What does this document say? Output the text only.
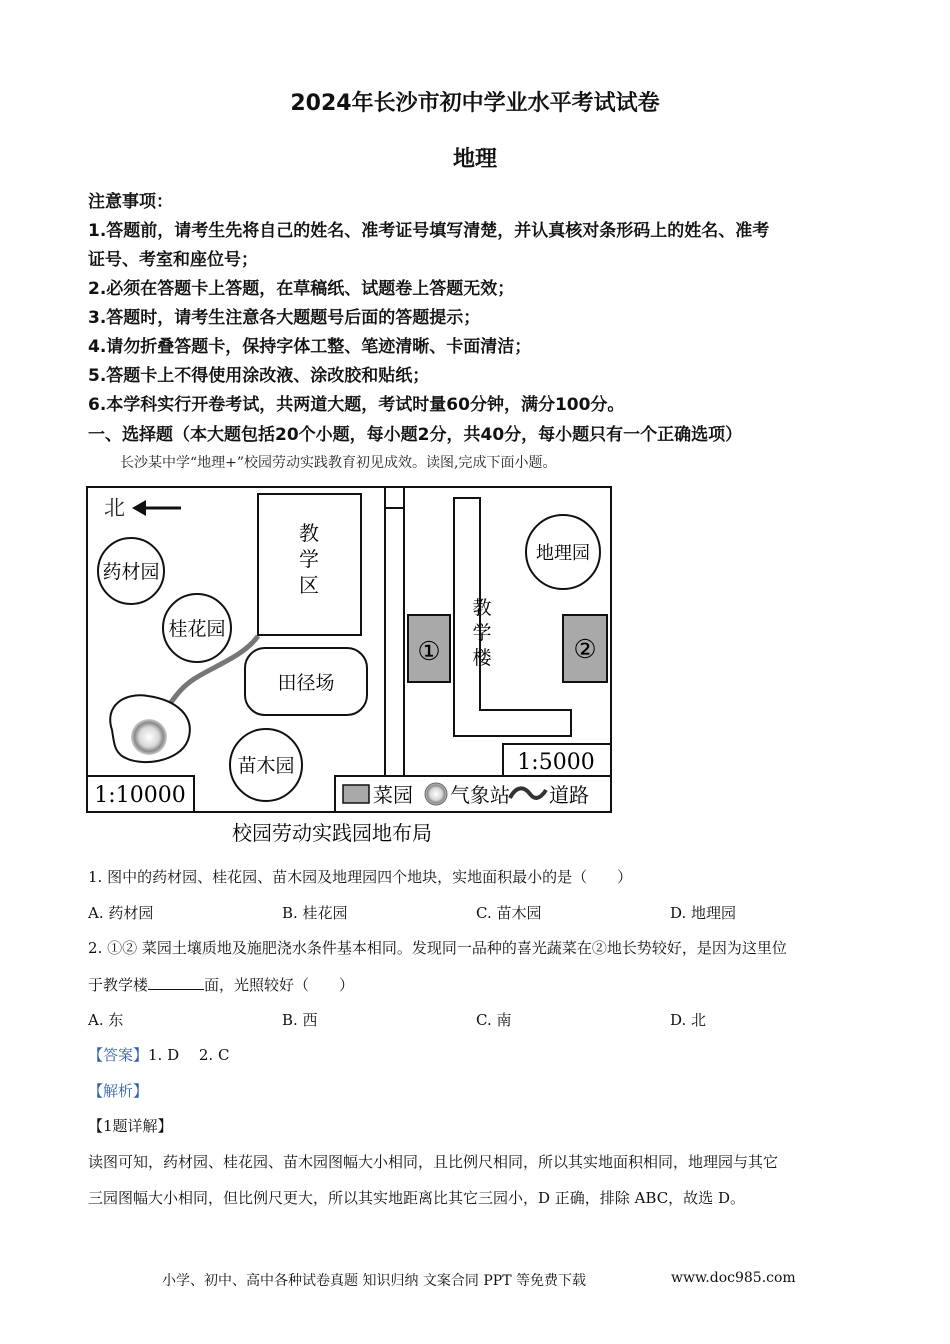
2024年长沙市初中学业水平考试试卷
地理
注意事项：
1.答题前，请考生先将自己的姓名、准考证号填写清楚，并认真核对条形码上的姓名、准考
证号、考室和座位号；
2.必须在答题卡上答题，在草稿纸、试题卷上答题无效；
3.答题时，请考生注意各大题题号后面的答题提示；
4.请勿折叠答题卡，保持字体工整、笔迹清晰、卡面清洁；
5.答题卡上不得使用涂改液、涂改胶和贴纸；
6.本学科实行开卷考试，共两道大题，考试时量60分钟，满分100分。
一、选择题（本大题包括20个小题，每小题2分，共40分，每小题只有一个正确选项）
长沙某中学“地理+”校园劳动实践教育初见成效。读图,完成下面小题。
北
药材园
教
学
区
桂花园
田径场
苗木园
1:10000
地理园
教
学
楼
①	②
1:5000
菜园 气象站 道路
校园劳动实践园地布局
1. 图中的药材园、桂花园、苗木园及地理园四个地块，实地面积最小的是（　　）
A. 药材园	B. 桂花园	C. 苗木园	D. 地理园
2. ①② 菜园土壤质地及施肥浇水条件基本相同。发现同一品种的喜光蔬菜在②地长势较好，是因为这里位
于教学楼	面，光照较好（　　）
A. 东	B. 西	C. 南	D. 北
【答案】1. D　 2. C
【解析】
【1题详解】
读图可知，药材园、桂花园、苗木园图幅大小相同，且比例尺相同，所以其实地面积相同，地理园与其它
三园图幅大小相同，但比例尺更大，所以其实地距离比其它三园小，D 正确，排除 ABC，故选 D。
小学、初中、高中各种试卷真题 知识归纳 文案合同 PPT 等免费下载	www.doc985.com
